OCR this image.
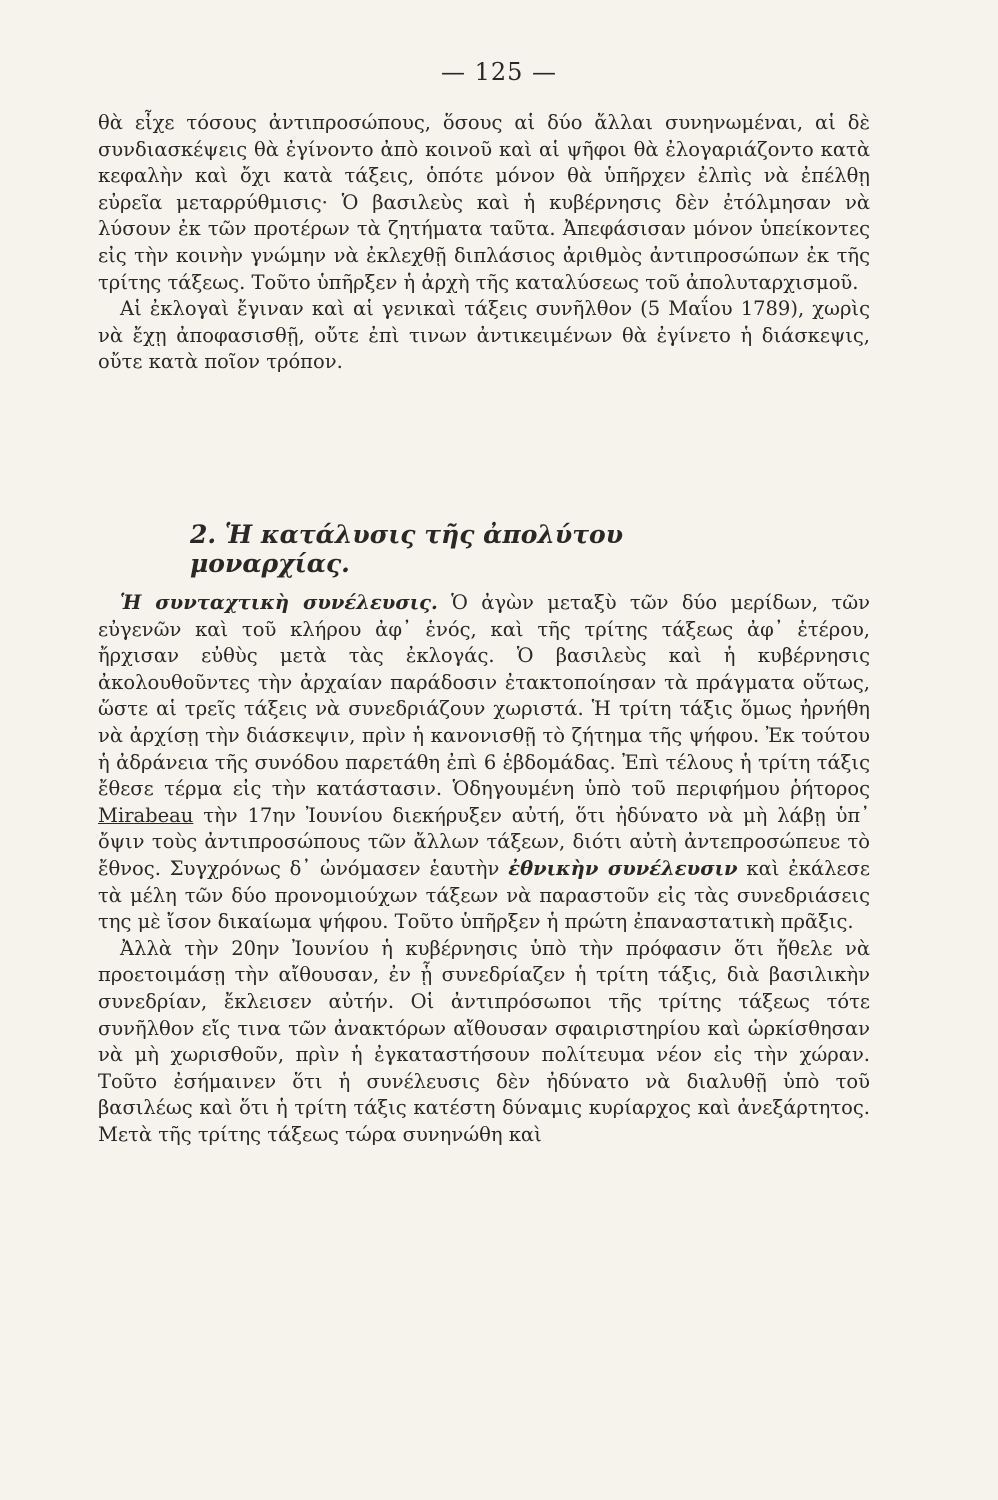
— 125 —

θὰ εἶχε τόσους ἀντιπροσώπους, ὅσους αἱ δύο ἄλλαι συνηνωμέναι, αἱ δὲ συνδιασκέψεις θὰ ἐγίνοντο ἀπὸ κοινοῦ καὶ αἱ ψῆφοι θὰ ἐλογαριάζοντο κατὰ κεφαλὴν καὶ ὄχι κατὰ τάξεις, ὁπότε μόνον θὰ ὑπῆρχεν ἐλπὶς νὰ ἐπέλθῃ εὐρεῖα μεταρρύθμισις· Ὁ βασιλεὺς καὶ ἡ κυβέρνησις δὲν ἐτόλμησαν νὰ λύσουν ἐκ τῶν προτέρων τὰ ζητήματα ταῦτα. Ἀπεφάσισαν μόνον ὑπείκοντες εἰς τὴν κοινὴν γνώμην νὰ ἐκλεχθῇ διπλάσιος ἀριθμὸς ἀντιπροσώπων ἐκ τῆς τρίτης τάξεως. Τοῦτο ὑπῆρξεν ἡ ἀρχὴ τῆς καταλύσεως τοῦ ἀπολυταρχισμοῦ.

Αἱ ἐκλογαὶ ἔγιναν καὶ αἱ γενικαὶ τάξεις συνῆλθον (5 Μαΐου 1789), χωρὶς νὰ ἔχῃ ἀποφασισθῇ, οὔτε ἐπὶ τινων ἀντικειμένων θὰ ἐγίνετο ἡ διάσκεψις, οὔτε κατὰ ποῖον τρόπον.

2. Ἡ κατάλυσις τῆς ἀπολύτου μοναρχίας.

Ἡ συνταχτικὴ συνέλευσις. Ὁ ἀγὼν μεταξὺ τῶν δύο μερίδων, τῶν εὐγενῶν καὶ τοῦ κλήρου ἀφ᾿ ἑνός, καὶ τῆς τρίτης τάξεως ἀφ᾿ ἑτέρου, ἤρχισαν εὐθὺς μετὰ τὰς ἐκλογάς. Ὁ βασιλεὺς καὶ ἡ κυβέρνησις ἀκολουθοῦντες τὴν ἀρχαίαν παράδοσιν ἐτακτοποίησαν τὰ πράγματα οὕτως, ὥστε αἱ τρεῖς τάξεις νὰ συνεδριάζουν χωριστά. Ἡ τρίτη τάξις ὅμως ἠρνήθη νὰ ἀρχίσῃ τὴν διάσκεψιν, πρὶν ἡ κανονισθῇ τὸ ζήτημα τῆς ψήφου. Ἐκ τούτου ἡ ἀδράνεια τῆς συνόδου παρετάθη ἐπὶ 6 ἑβδομάδας. Ἐπὶ τέλους ἡ τρίτη τάξις ἔθεσε τέρμα εἰς τὴν κατάστασιν. Ὁδηγουμένη ὑπὸ τοῦ περιφήμου ῥήτορος Mirabeau τὴν 17ην Ἰουνίου διεκήρυξεν αὐτή, ὅτι ἠδύνατο νὰ μὴ λάβῃ ὑπ᾿ ὄψιν τοὺς ἀντιπροσώπους τῶν ἄλλων τάξεων, διότι αὐτὴ ἀντεπροσώπευε τὸ ἔθνος. Συγχρόνως δ᾿ ὠνόμασεν ἑαυτὴν ἐθνικὴν συνέλευσιν καὶ ἐκάλεσε τὰ μέλη τῶν δύο προνομιούχων τάξεων νὰ παραστοῦν εἰς τὰς συνεδριάσεις της μὲ ἴσον δικαίωμα ψήφου. Τοῦτο ὑπῆρξεν ἡ πρώτη ἐπαναστατικὴ πρᾶξις.

Ἀλλὰ τὴν 20ην Ἰουνίου ἡ κυβέρνησις ὑπὸ τὴν πρόφασιν ὅτι ἤθελε νὰ προετοιμάσῃ τὴν αἴθουσαν, ἐν ᾗ συνεδρίαζεν ἡ τρίτη τάξις, διὰ βασιλικὴν συνεδρίαν, ἔκλεισεν αὐτήν. Οἱ ἀντιπρόσωποι τῆς τρίτης τάξεως τότε συνῆλθον εἴς τινα τῶν ἀνακτόρων αἴθουσαν σφαιριστηρίου καὶ ὡρκίσθησαν νὰ μὴ χωρισθοῦν, πρὶν ἡ ἐγκαταστήσουν πολίτευμα νέον εἰς τὴν χώραν. Τοῦτο ἐσήμαινεν ὅτι ἡ συνέλευσις δὲν ἠδύνατο νὰ διαλυθῇ ὑπὸ τοῦ βασιλέως καὶ ὅτι ἡ τρίτη τάξις κατέστη δύναμις κυρίαρχος καὶ ἀνεξάρτητος. Μετὰ τῆς τρίτης τάξεως τώρα συνηνώθη καὶ
